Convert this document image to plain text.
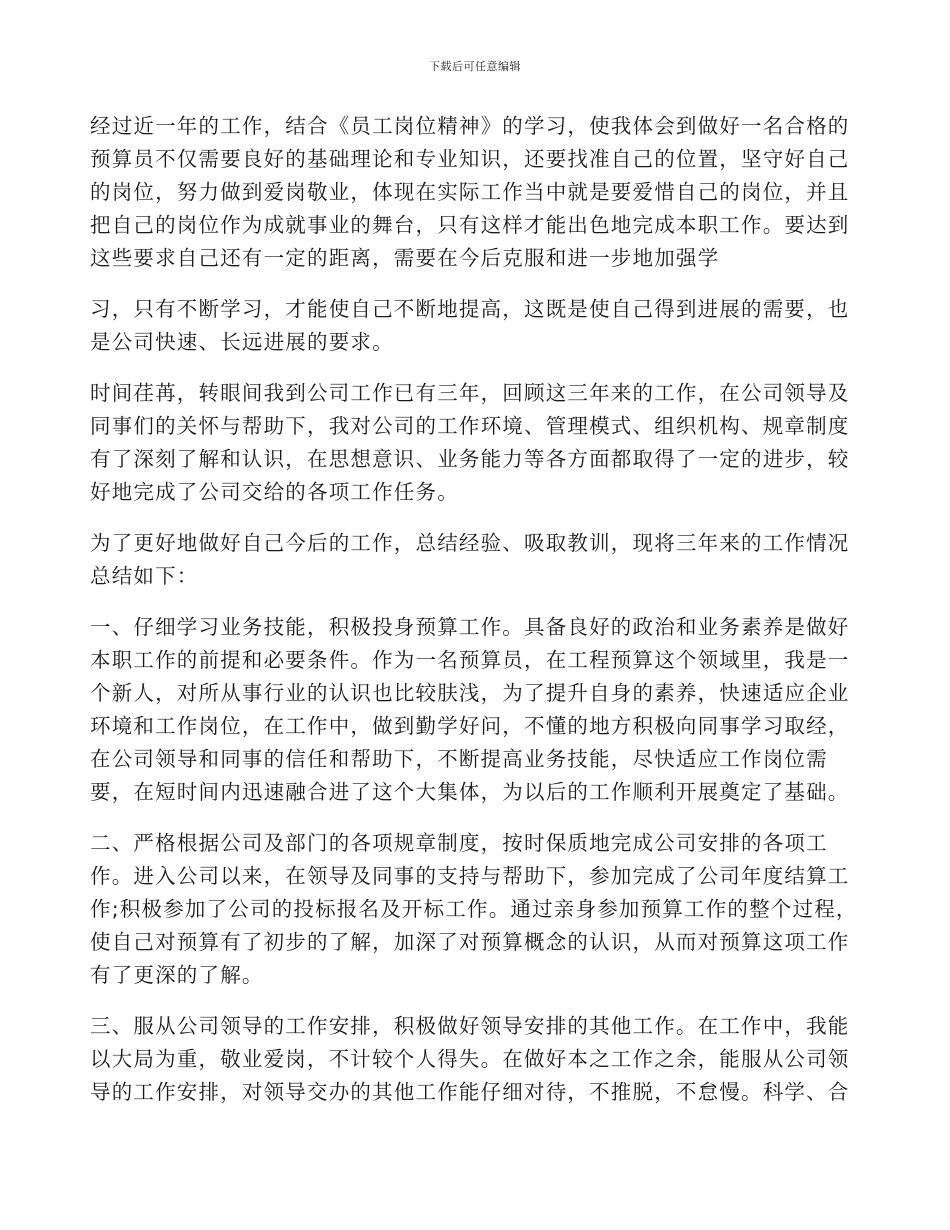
下载后可任意编辑
经过近一年的工作，结合《员工岗位精神》的学习，使我体会到做好一名合格的
预算员不仅需要良好的基础理论和专业知识，还要找准自己的位置，坚守好自己
的岗位，努力做到爱岗敬业，体现在实际工作当中就是要爱惜自己的岗位，并且
把自己的岗位作为成就事业的舞台，只有这样才能出色地完成本职工作。要达到
这些要求自己还有一定的距离，需要在今后克服和进一步地加强学
习，只有不断学习，才能使自己不断地提高，这既是使自己得到进展的需要，也
是公司快速、长远进展的要求。
时间荏苒，转眼间我到公司工作已有三年，回顾这三年来的工作，在公司领导及
同事们的关怀与帮助下，我对公司的工作环境、管理模式、组织机构、规章制度
有了深刻了解和认识，在思想意识、业务能力等各方面都取得了一定的进步，较
好地完成了公司交给的各项工作任务。
为了更好地做好自己今后的工作，总结经验、吸取教训，现将三年来的工作情况
总结如下：
一、仔细学习业务技能，积极投身预算工作。具备良好的政治和业务素养是做好
本职工作的前提和必要条件。作为一名预算员，在工程预算这个领域里，我是一
个新人，对所从事行业的认识也比较肤浅，为了提升自身的素养，快速适应企业
环境和工作岗位，在工作中，做到勤学好问，不懂的地方积极向同事学习取经，
在公司领导和同事的信任和帮助下，不断提高业务技能，尽快适应工作岗位需
要，在短时间内迅速融合进了这个大集体，为以后的工作顺利开展奠定了基础。
二、严格根据公司及部门的各项规章制度，按时保质地完成公司安排的各项工
作。进入公司以来，在领导及同事的支持与帮助下，参加完成了公司年度结算工
作;积极参加了公司的投标报名及开标工作。通过亲身参加预算工作的整个过程，
使自己对预算有了初步的了解，加深了对预算概念的认识，从而对预算这项工作
有了更深的了解。
三、服从公司领导的工作安排，积极做好领导安排的其他工作。在工作中，我能
以大局为重，敬业爱岗，不计较个人得失。在做好本之工作之余，能服从公司领
导的工作安排，对领导交办的其他工作能仔细对待，不推脱，不怠慢。科学、合
